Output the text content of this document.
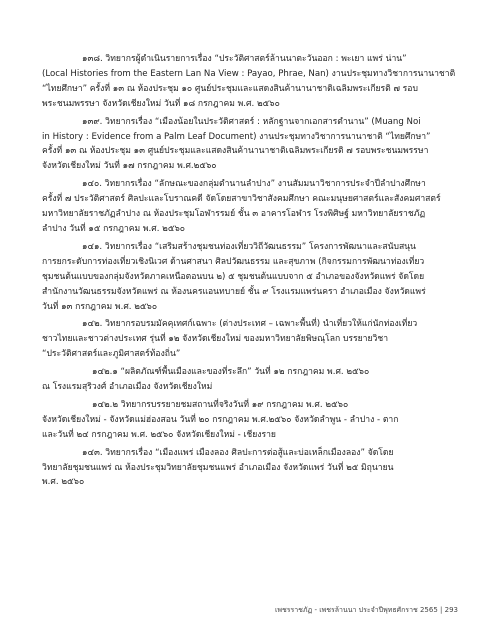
๑๓๘. วิทยากรผู้ดำเนินรายการเรื่อง “ประวัติศาสตร์ล้านนาตะวันออก : พะเยา แพร่ น่าน”
(Local Histories from the Eastern Lan Na View : Payao, Phrae, Nan) งานประชุมทางวิชาการนานาชาติ
“ไทยศึกษา” ครั้งที่ ๑๓ ณ ห้องประชุม ๑๐ ศูนย์ประชุมและแสดงสินค้านานาชาติเฉลิมพระเกียรติ ๗ รอบ
พระชนมพรรษา จังหวัดเชียงใหม่ วันที่ ๑๘ กรกฎาคม พ.ศ. ๒๕๖๐
๑๓๙. วิทยากรเรื่อง “เมืองน้อยในประวัติศาสตร์ : หลักฐานจากเอกสารตำนาน” (Muang Noi
in History : Evidence from a Palm Leaf Document) งานประชุมทางวิชาการนานาชาติ “ไทยศึกษา”
ครั้งที่ ๑๓ ณ ห้องประชุม ๑๓ ศูนย์ประชุมและแสดงสินค้านานาชาติเฉลิมพระเกียรติ ๗ รอบพระชนมพรรษา
จังหวัดเชียงใหม่ วันที่ ๑๗ กรกฎาคม พ.ศ.๒๕๖๐
๑๔๐. วิทยากรเรื่อง “ลักษณะของกลุ่มตำนานลำปาง” งานสัมมนาวิชาการประจำปีลำปางศึกษา
ครั้งที่ ๗ ประวัติศาสตร์ ศิลปะและโบราณคดี จัดโดยสาขาวิชาสังคมศึกษา คณะมนุษยศาสตร์และสังคมศาสตร์
มหาวิทยาลัยราชภัฏลำปาง ณ ห้องประชุมโอฬารรมย์ ชั้น ๓ อาคารโอฬาร โรงพิศิษฐ์ มหาวิทยาลัยราชภัฏ
ลำปาง วันที่ ๑๕ กรกฎาคม พ.ศ. ๒๕๖๐
๑๔๑. วิทยากรเรื่อง “เสริมสร้างชุมชนท่องเที่ยววิถีวัฒนธรรม” โครงการพัฒนาและสนับสนุน
การยกระดับการท่องเที่ยวเชิงนิเวศ ด้านศาสนา ศิลปวัฒนธรรม และสุขภาพ (กิจกรรมการพัฒนาท่องเที่ยว
ชุมชนต้นแบบของกลุ่มจังหวัดภาคเหนือตอนบน ๒) ๕ ชุมชนต้นแบบจาก ๕ อำเภอของจังหวัดแพร่ จัดโดย
สำนักงานวัฒนธรรมจังหวัดแพร่ ณ ห้องนครแอนทบายย์ ชั้น ๙ โรงแรมแพร่นครา อำเภอเมือง จังหวัดแพร่
วันที่ ๑๓ กรกฎาคม พ.ศ. ๒๕๖๐
๑๔๒. วิทยากรอบรมมัคคุเทศก์เฉพาะ (ต่างประเทศ – เฉพาะพื้นที่) นำเที่ยวให้แก่นักท่องเที่ยว
ชาวไทยและชาวต่างประเทศ รุ่นที่ ๑๒ จังหวัดเชียงใหม่ ของมหาวิทยาลัยพิษณุโลก บรรยายวิชา
“ประวัติศาสตร์และภูมิศาสตร์ท้องถิ่น”
๑๔๒.๑ “ผลิตภัณฑ์พื้นเมืองและของที่ระลึก” วันที่ ๑๒ กรกฎาคม พ.ศ. ๒๕๖๐
ณ โรงแรมสุริวงศ์ อำเภอเมือง จังหวัดเชียงใหม่
๑๔๒.๒ วิทยากรบรรยายชมสถานที่จริงวันที่ ๑๙ กรกฎาคม พ.ศ. ๒๕๖๐
จังหวัดเชียงใหม่ - จังหวัดแม่ฮ่องสอน วันที่ ๒๐ กรกฎาคม พ.ศ.๒๕๖๐ จังหวัดลำพูน - ลำปาง - ตาก
และวันที่ ๒๔ กรกฎาคม พ.ศ. ๒๕๖๐ จังหวัดเชียงใหม่ - เชียงราย
๑๔๓. วิทยากรเรื่อง “เมืองแพร่ เมืองลอง ศิลปะการต่อสู้และบ่อเหล็กเมืองลอง” จัดโดย
วิทยาลัยชุมชนแพร่ ณ ห้องประชุมวิทยาลัยชุมชนแพร่ อำเภอเมือง จังหวัดแพร่ วันที่ ๒๕ มิถุนายน
พ.ศ. ๒๕๖๐
เพชรราชภัฏ - เพชรล้านนา ประจำปีพุทธศักราช 2565 | 293
